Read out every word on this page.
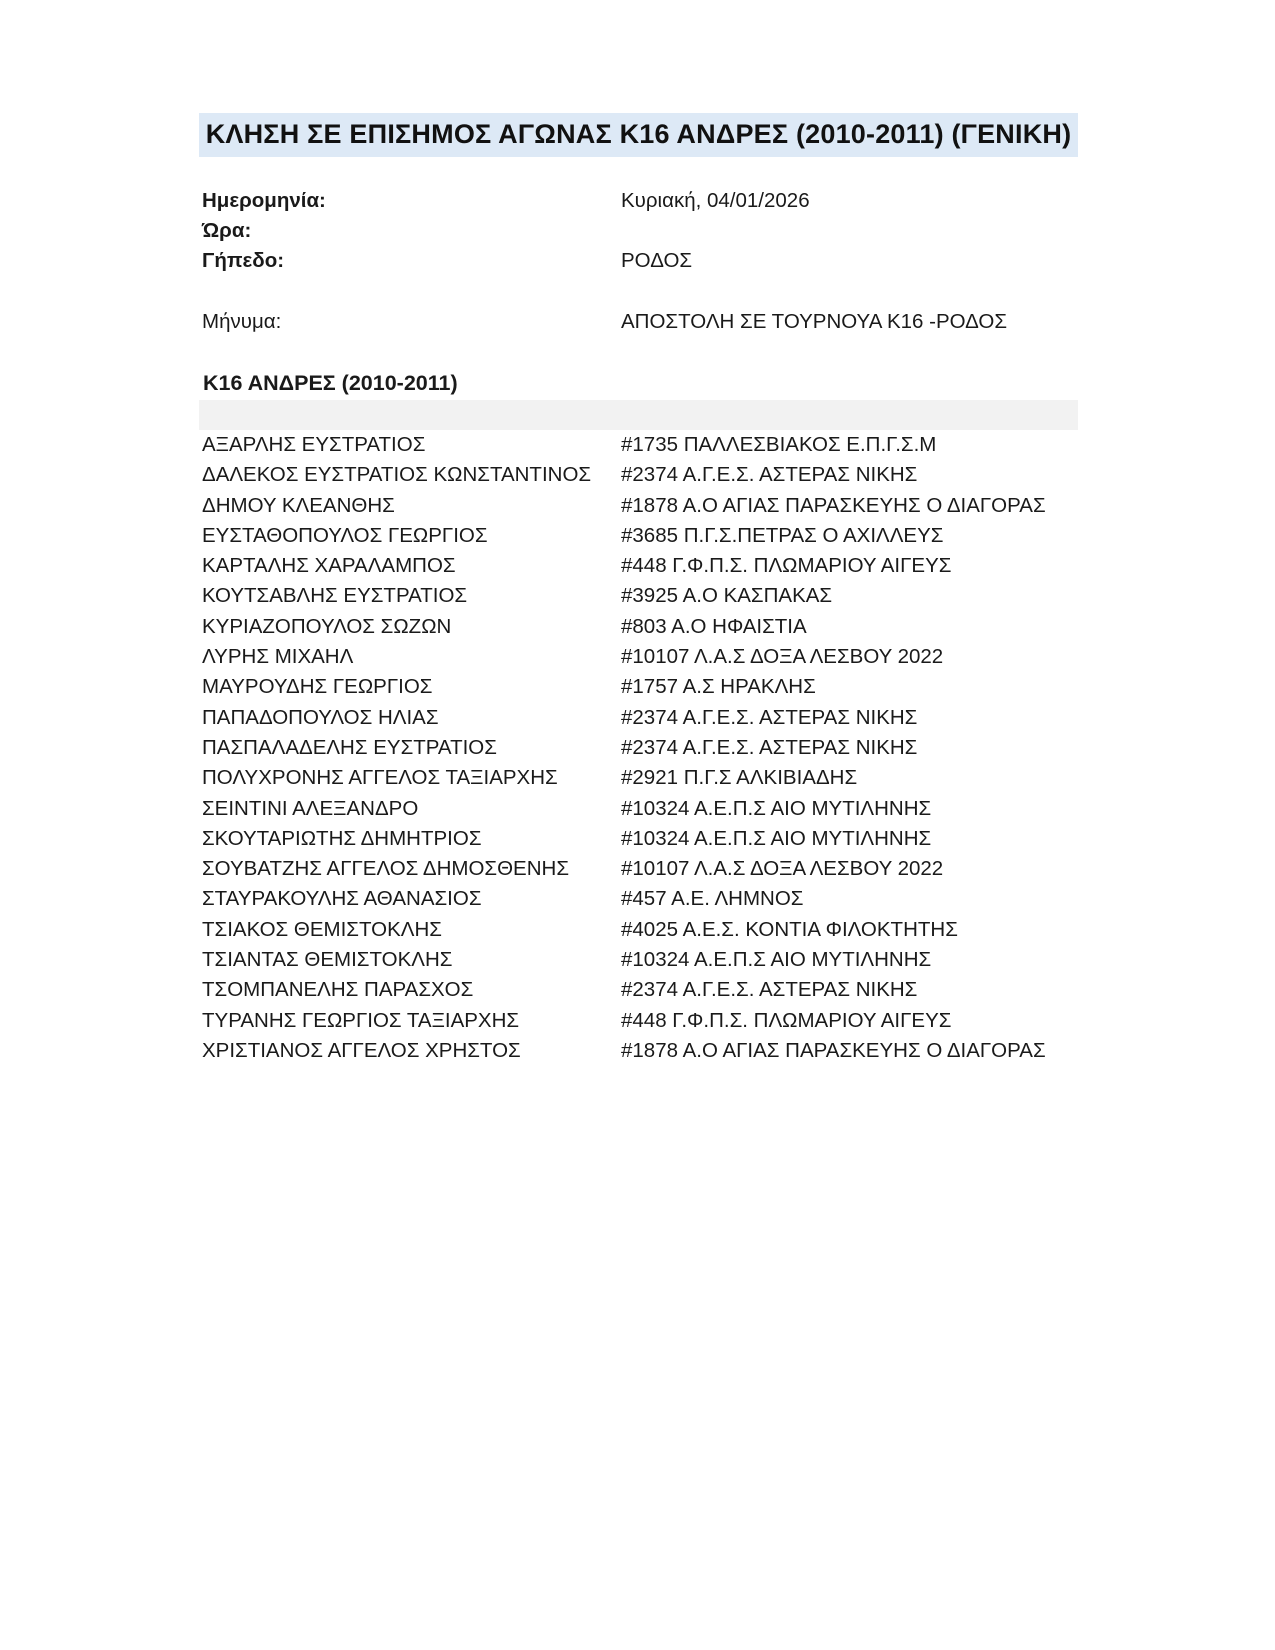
ΚΛΗΣΗ ΣΕ ΕΠΙΣΗΜΟΣ ΑΓΩΝΑΣ Κ16 ΑΝΔΡΕΣ (2010-2011) (ΓΕΝΙΚΗ)
Ημερομηνία:	Κυριακή, 04/01/2026
Ώρα:
Γήπεδο:	ΡΟΔΟΣ
Μήνυμα:	ΑΠΟΣΤΟΛΗ ΣΕ ΤΟΥΡΝΟΥΑ Κ16 -ΡΟΔΟΣ
Κ16 ΑΝΔΡΕΣ (2010-2011)
ΑΞΑΡΛΗΣ ΕΥΣΤΡΑΤΙΟΣ	#1735 ΠΑΛΛΕΣΒΙΑΚΟΣ Ε.Π.Γ.Σ.Μ
ΔΑΛΕΚΟΣ ΕΥΣΤΡΑΤΙΟΣ ΚΩΝΣΤΑΝΤΙΝΟΣ #2374 Α.Γ.Ε.Σ. ΑΣΤΕΡΑΣ ΝΙΚΗΣ
ΔΗΜΟΥ ΚΛΕΑΝΘΗΣ	#1878 Α.Ο ΑΓΙΑΣ ΠΑΡΑΣΚΕΥΗΣ Ο ΔΙΑΓΟΡΑΣ
ΕΥΣΤΑΘΟΠΟΥΛΟΣ ΓΕΩΡΓΙΟΣ	#3685 Π.Γ.Σ.ΠΕΤΡΑΣ Ο ΑΧΙΛΛΕΥΣ
ΚΑΡΤΑΛΗΣ ΧΑΡΑΛΑΜΠΟΣ	#448 Γ.Φ.Π.Σ. ΠΛΩΜΑΡΙΟΥ ΑΙΓΕΥΣ
ΚΟΥΤΣΑΒΛΗΣ ΕΥΣΤΡΑΤΙΟΣ	#3925 Α.Ο ΚΑΣΠΑΚΑΣ
ΚΥΡΙΑΖΟΠΟΥΛΟΣ ΣΩΖΩΝ	#803 Α.Ο ΗΦΑΙΣΤΙΑ
ΛΥΡΗΣ ΜΙΧΑΗΛ	#10107 Λ.Α.Σ ΔΟΞΑ ΛΕΣΒΟΥ 2022
ΜΑΥΡΟΥΔΗΣ ΓΕΩΡΓΙΟΣ	#1757 Α.Σ ΗΡΑΚΛΗΣ
ΠΑΠΑΔΟΠΟΥΛΟΣ ΗΛΙΑΣ	#2374 Α.Γ.Ε.Σ. ΑΣΤΕΡΑΣ ΝΙΚΗΣ
ΠΑΣΠΑΛΑΔΕΛΗΣ ΕΥΣΤΡΑΤΙΟΣ	#2374 Α.Γ.Ε.Σ. ΑΣΤΕΡΑΣ ΝΙΚΗΣ
ΠΟΛΥΧΡΟΝΗΣ ΑΓΓΕΛΟΣ ΤΑΞΙΑΡΧΗΣ	#2921 Π.Γ.Σ ΑΛΚΙΒΙΑΔΗΣ
ΣΕΙΝΤΙΝΙ ΑΛΕΞΑΝΔΡΟ	#10324 Α.Ε.Π.Σ ΑΙΟ ΜΥΤΙΛΗΝΗΣ
ΣΚΟΥΤΑΡΙΩΤΗΣ ΔΗΜΗΤΡΙΟΣ	#10324 Α.Ε.Π.Σ ΑΙΟ ΜΥΤΙΛΗΝΗΣ
ΣΟΥΒΑΤΖΗΣ ΑΓΓΕΛΟΣ ΔΗΜΟΣΘΕΝΗΣ	#10107 Λ.Α.Σ ΔΟΞΑ ΛΕΣΒΟΥ 2022
ΣΤΑΥΡΑΚΟΥΛΗΣ ΑΘΑΝΑΣΙΟΣ	#457 Α.Ε. ΛΗΜΝΟΣ
ΤΣΙΑΚΟΣ ΘΕΜΙΣΤΟΚΛΗΣ	#4025 Α.Ε.Σ. ΚΟΝΤΙΑ ΦΙΛΟΚΤΗΤΗΣ
ΤΣΙΑΝΤΑΣ ΘΕΜΙΣΤΟΚΛΗΣ	#10324 Α.Ε.Π.Σ ΑΙΟ ΜΥΤΙΛΗΝΗΣ
ΤΣΟΜΠΑΝΕΛΗΣ ΠΑΡΑΣΧΟΣ	#2374 Α.Γ.Ε.Σ. ΑΣΤΕΡΑΣ ΝΙΚΗΣ
ΤΥΡΑΝΗΣ ΓΕΩΡΓΙΟΣ ΤΑΞΙΑΡΧΗΣ	#448 Γ.Φ.Π.Σ. ΠΛΩΜΑΡΙΟΥ ΑΙΓΕΥΣ
ΧΡΙΣΤΙΑΝΟΣ ΑΓΓΕΛΟΣ ΧΡΗΣΤΟΣ	#1878 Α.Ο ΑΓΙΑΣ ΠΑΡΑΣΚΕΥΗΣ Ο ΔΙΑΓΟΡΑΣ
